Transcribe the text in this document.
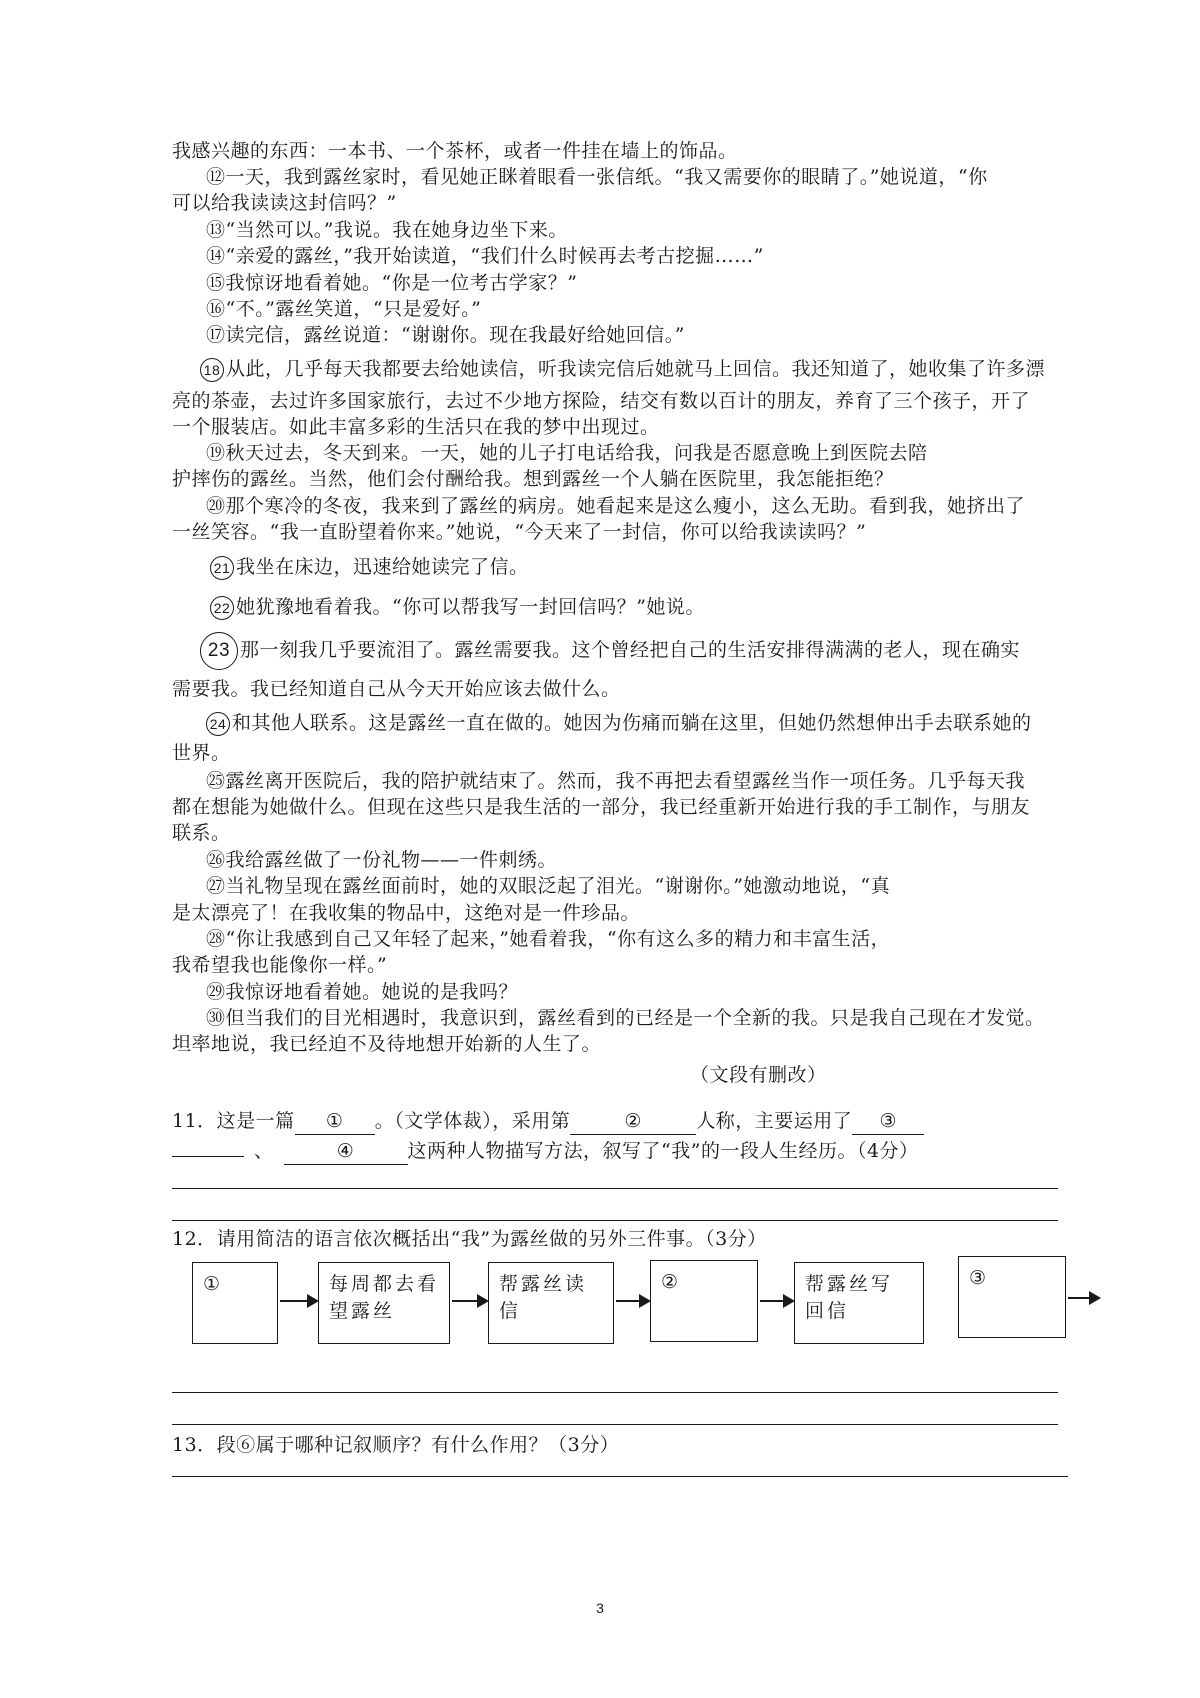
我感兴趣的东西：一本书、一个茶杯，或者一件挂在墙上的饰品。
⑫一天，我到露丝家时，看见她正眯着眼看一张信纸。“我又需要你的眼睛了。”她说道，“你
可以给我读读这封信吗？”
⑬“当然可以。”我说。我在她身边坐下来。
⑭“亲爱的露丝，”我开始读道，“我们什么时候再去考古挖掘……”
⑮我惊讶地看着她。“你是一位考古学家？”
⑯“不。”露丝笑道，“只是爱好。”
⑰读完信，露丝说道：“谢谢你。现在我最好给她回信。”
18 从此，几乎每天我都要去给她读信，听我读完信后她就马上回信。我还知道了，她收集了许多漂
亮的茶壶，去过许多国家旅行，去过不少地方探险，结交有数以百计的朋友，养育了三个孩子，开了
一个服装店。如此丰富多彩的生活只在我的梦中出现过。
⑲秋天过去，冬天到来。一天，她的儿子打电话给我，问我是否愿意晚上到医院去陪
护摔伤的露丝。当然，他们会付酬给我。想到露丝一个人躺在医院里，我怎能拒绝？
⑳那个寒冷的冬夜，我来到了露丝的病房。她看起来是这么瘦小，这么无助。看到我，她挤出了
一丝笑容。“我一直盼望着你来。”她说，“今天来了一封信，你可以给我读读吗？”
21 我坐在床边，迅速给她读完了信。
22 她犹豫地看着我。“你可以帮我写一封回信吗？”她说。
23 那一刻我几乎要流泪了。露丝需要我。这个曾经把自己的生活安排得满满的老人，现在确实
需要我。我已经知道自己从今天开始应该去做什么。
24 和其他人联系。这是露丝一直在做的。她因为伤痛而躺在这里，但她仍然想伸出手去联系她的
世界。
㉕露丝离开医院后，我的陪护就结束了。然而，我不再把去看望露丝当作一项任务。几乎每天我
都在想能为她做什么。但现在这些只是我生活的一部分，我已经重新开始进行我的手工制作，与朋友
联系。
㉖我给露丝做了一份礼物——一件刺绣。
㉗当礼物呈现在露丝面前时，她的双眼泛起了泪光。“谢谢你。”她激动地说，“真
是太漂亮了！在我收集的物品中，这绝对是一件珍品。
㉘“你让我感到自己又年轻了起来，”她看着我，“你有这么多的精力和丰富生活，
我希望我也能像你一样。”
㉙我惊讶地看着她。她说的是我吗？
㉚但当我们的目光相遇时，我意识到，露丝看到的已经是一个全新的我。只是我自己现在才发觉。
坦率地说，我已经迫不及待地想开始新的人生了。
（文段有删改）
11．这是一篇 ① 。（文学体裁），采用第	②	人称，主要运用了 ③
、	④	这两种人物描写方法，叙写了“我”的一段人生经历。（4分）
12．请用简洁的语言依次概括出“我”为露丝做的另外三件事。（3分）
①	每周都去看望露丝
帮露丝读信
②	帮露丝写回信
③
13．段⑥属于哪种记叙顺序？有什么作用？（3分）
3
